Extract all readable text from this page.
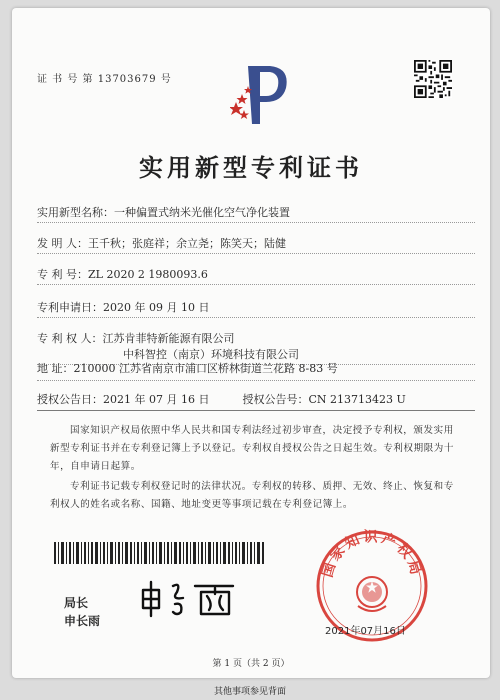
证 书 号 第 13703679 号
实用新型专利证书
实用新型名称：一种偏置式纳米光催化空气净化装置
发 明 人：王千秋；张庭祥；余立尧；陈笑天；陆健
专 利 号：ZL 2020 2 1980093.6
专利申请日：2020 年 09 月 10 日
专 利 权 人：江苏肯菲特新能源有限公司
中科智控（南京）环境科技有限公司
地 址：210000 江苏省南京市浦口区桥林街道兰花路 8-83 号
授权公告日：2021 年 07 月 16 日	授权公告号：CN 213713423 U
国家知识产权局依照中华人民共和国专利法经过初步审查，决定授予专利权，颁发实用
新型专利证书并在专利登记簿上予以登记。专利权自授权公告之日起生效。专利权期限为十
年，自申请日起算。
专利证书记载专利权登记时的法律状况。专利权的转移、质押、无效、终止、恢复和专
利权人的姓名或名称、国籍、地址变更等事项记载在专利登记簿上。
局长
申长雨
国家知识产权局
2021年07月16日
第 1 页（共 2 页）
其他事项参见背面
